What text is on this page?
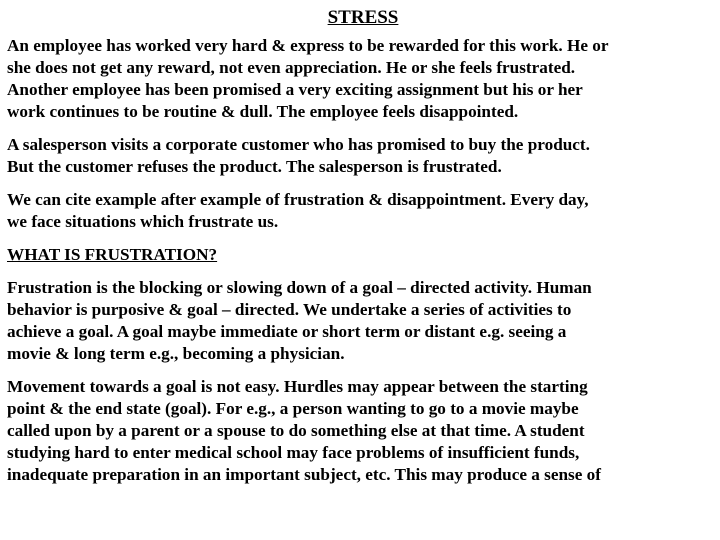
STRESS
An employee has worked very hard & express to be rewarded for this work. He or
she does not get any reward, not even appreciation. He or she feels frustrated.
Another employee has been promised a very exciting assignment but his or her
work continues to be routine & dull. The employee feels disappointed.
A salesperson visits a corporate customer who has promised to buy the product.
But the customer refuses the product. The salesperson is frustrated.
We can cite example after example of frustration & disappointment. Every day,
we face situations which frustrate us.
WHAT IS FRUSTRATION?
Frustration is the blocking or slowing down of a goal – directed activity. Human
behavior is purposive & goal – directed. We undertake a series of activities to
achieve a goal. A goal maybe immediate or short term or distant e.g. seeing a
movie & long term e.g., becoming a physician.
Movement towards a goal is not easy. Hurdles may appear between the starting
point & the end state (goal). For e.g., a person wanting to go to a movie maybe
called upon by a parent or a spouse to do something else at that time. A student
studying hard to enter medical school may face problems of insufficient funds,
inadequate preparation in an important subject, etc. This may produce a sense of
